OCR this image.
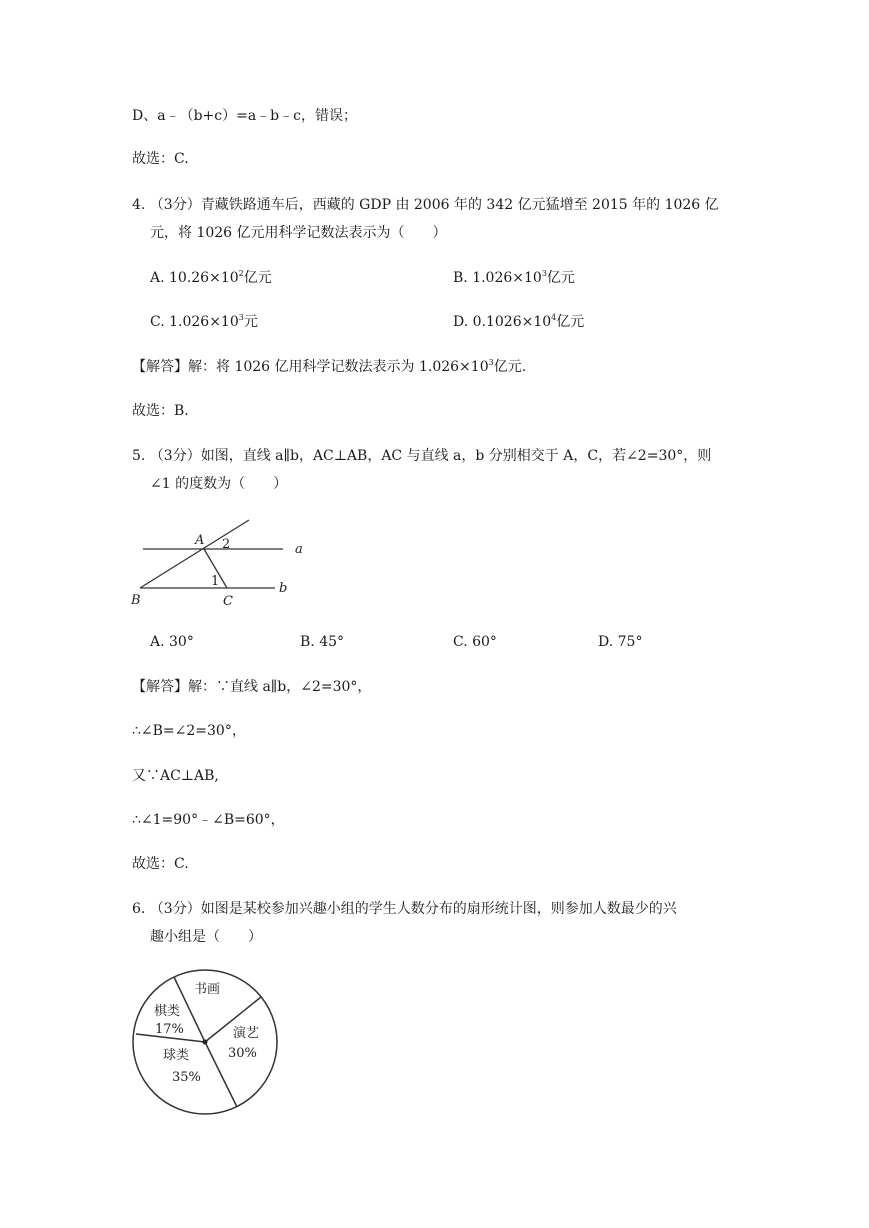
D、a﹣（b+c）=a﹣b﹣c，错误；
故选：C.
4. （3分）青藏铁路通车后，西藏的 GDP 由 2006 年的 342 亿元猛增至 2015 年的 1026 亿
元，将 1026 亿元用科学记数法表示为（　　）
A. $10.26\times 10^2$亿元	B. $1.026\times 10^3$亿元
C. $1.026\times 10^3$元	D. $0.1026\times 10^4$亿元
【解答】解：将 1026 亿用科学记数法表示为 $1.026\times 10^3$亿元.
故选：B.
5. （3分）如图，直线 a∥b，AC⊥AB，AC 与直线 a，b 分别相交于 A，C，若∠2=30°，则
∠1 的度数为（　　）
A 2	a
1	b
B	C
A. 30°	B. 45°	C. 60°	D. 75°
【解答】解：∵直线 a∥b，∠2=30°，
∴∠B=∠2=30°，
又∵AC⊥AB,
∴∠1=90°﹣∠B=60°，
故选：C.
6. （3分）如图是某校参加兴趣小组的学生人数分布的扇形统计图，则参加人数最少的兴
趣小组是（　　）
书画
棋类
17%	演艺
30%
球类
35%
